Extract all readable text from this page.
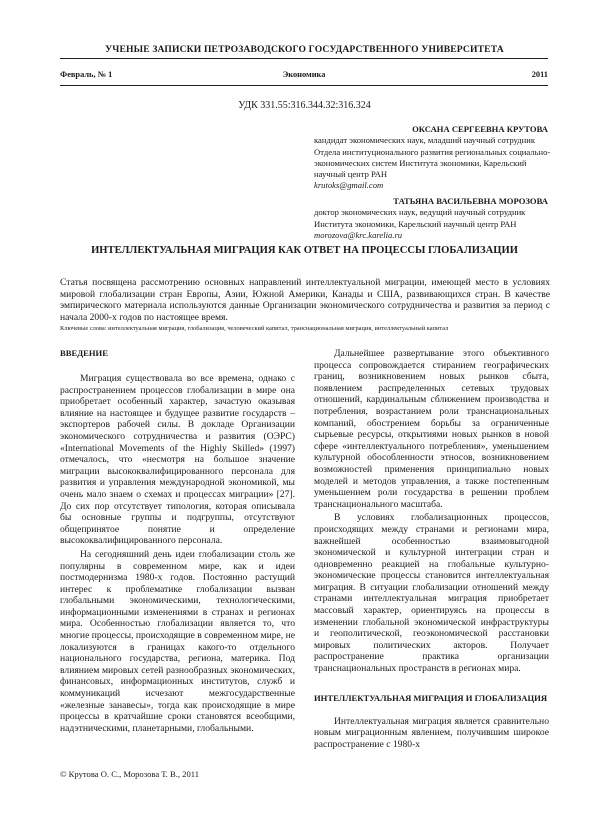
УЧЕНЫЕ ЗАПИСКИ ПЕТРОЗАВОДСКОГО ГОСУДАРСТВЕННОГО УНИВЕРСИТЕТА
Февраль, № 1	Экономика	2011
УДК 331.55:316.344.32:316.324
ОКСАНА СЕРГЕЕВНА КРУТОВА
кандидат экономических наук, младший научный сотрудник Отдела институционального развития региональных социально-экономических систем Института экономики, Карельский научный центр РАН
krutoks@gmail.com
ТАТЬЯНА ВАСИЛЬЕВНА МОРОЗОВА
доктор экономических наук, ведущий научный сотрудник Института экономики, Карельский научный центр РАН
morozova@krc.karelia.ru
ИНТЕЛЛЕКТУАЛЬНАЯ МИГРАЦИЯ КАК ОТВЕТ НА ПРОЦЕССЫ ГЛОБАЛИЗАЦИИ
Статья посвящена рассмотрению основных направлений интеллектуальной миграции, имеющей место в условиях мировой глобализации стран Европы, Азии, Южной Америки, Канады и США, развивающихся стран. В качестве эмпирического материала используются данные Организации экономического сотрудничества и развития за период с начала 2000-х годов по настоящее время.
Ключевые слова: интеллектуальная миграция, глобализация, человеческий капитал, транснациональная миграция, интеллектуальный капитал
ВВЕДЕНИЕ

Миграция существовала во все времена, однако с распространением процессов глобализации в мире она приобретает особенный характер, зачастую оказывая влияние на настоящее и будущее развитие государств – экспортеров рабочей силы. В докладе Организации экономического сотрудничества и развития (ОЭРС) «International Movements of the Highly Skilled» (1997) отмечалось, что «несмотря на большое значение миграции высококвалифицированного персонала для развития и управления международной экономикой, мы очень мало знаем о схемах и процессах миграции» [27]. До сих пор отсутствует типология, которая описывала бы основные группы и подгруппы, отсутствуют общепринятое понятие и определение высококвалифицированного персонала.

На сегодняшний день идеи глобализации столь же популярны в современном мире, как и идеи постмодернизма 1980-х годов. Постоянно растущий интерес к проблематике глобализации вызван глобальными экономическими, технологическими, информационными изменениями в странах и регионах мира. Особенностью глобализации является то, что многие процессы, происходящие в современном мире, не локализуются в границах какого-то отдельного национального государства, региона, материка. Под влиянием мировых сетей разнообразных экономических, финансовых, информационных институтов, служб и коммуникаций исчезают межгосударственные «железные занавесы», тогда как происходящие в мире процессы в кратчайшие сроки становятся всеобщими, надэтническими, планетарными, глобальными.

Дальнейшее развертывание этого объективного процесса сопровождается стиранием географических границ, возникновением новых рынков сбыта, появлением распределенных сетевых трудовых отношений, кардинальным сближением производства и потребления, возрастанием роли транснациональных компаний, обострением борьбы за ограниченные сырьевые ресурсы, открытиями новых рынков в новой сфере «интеллектуального потребления», уменьшением культурной обособленности этносов, возникновением возможностей применения принципиально новых моделей и методов управления, а также постепенным уменьшением роли государства в решении проблем транснационального масштаба.

В условиях глобализационных процессов, происходящих между странами и регионами мира, важнейшей особенностью взаимовыгодной экономической и культурной интеграции стран и одновременно реакцией на глобальные культурно-экономические процессы становится интеллектуальная миграция. В ситуации глобализации отношений между странами интеллектуальная миграция приобретает массовый характер, ориентируясь на процессы в изменении глобальной экономической инфраструктуры и геополитической, геоэкономической расстановки мировых политических акторов. Получает распространение практика организации транснациональных пространств в регионах мира.

ИНТЕЛЛЕКТУАЛЬНАЯ МИГРАЦИЯ И ГЛОБАЛИЗАЦИЯ

Интеллектуальная миграция является сравнительно новым миграционным явлением, получившим широкое распространение с 1980-х

© Крутова О. С., Морозова Т. В., 2011
